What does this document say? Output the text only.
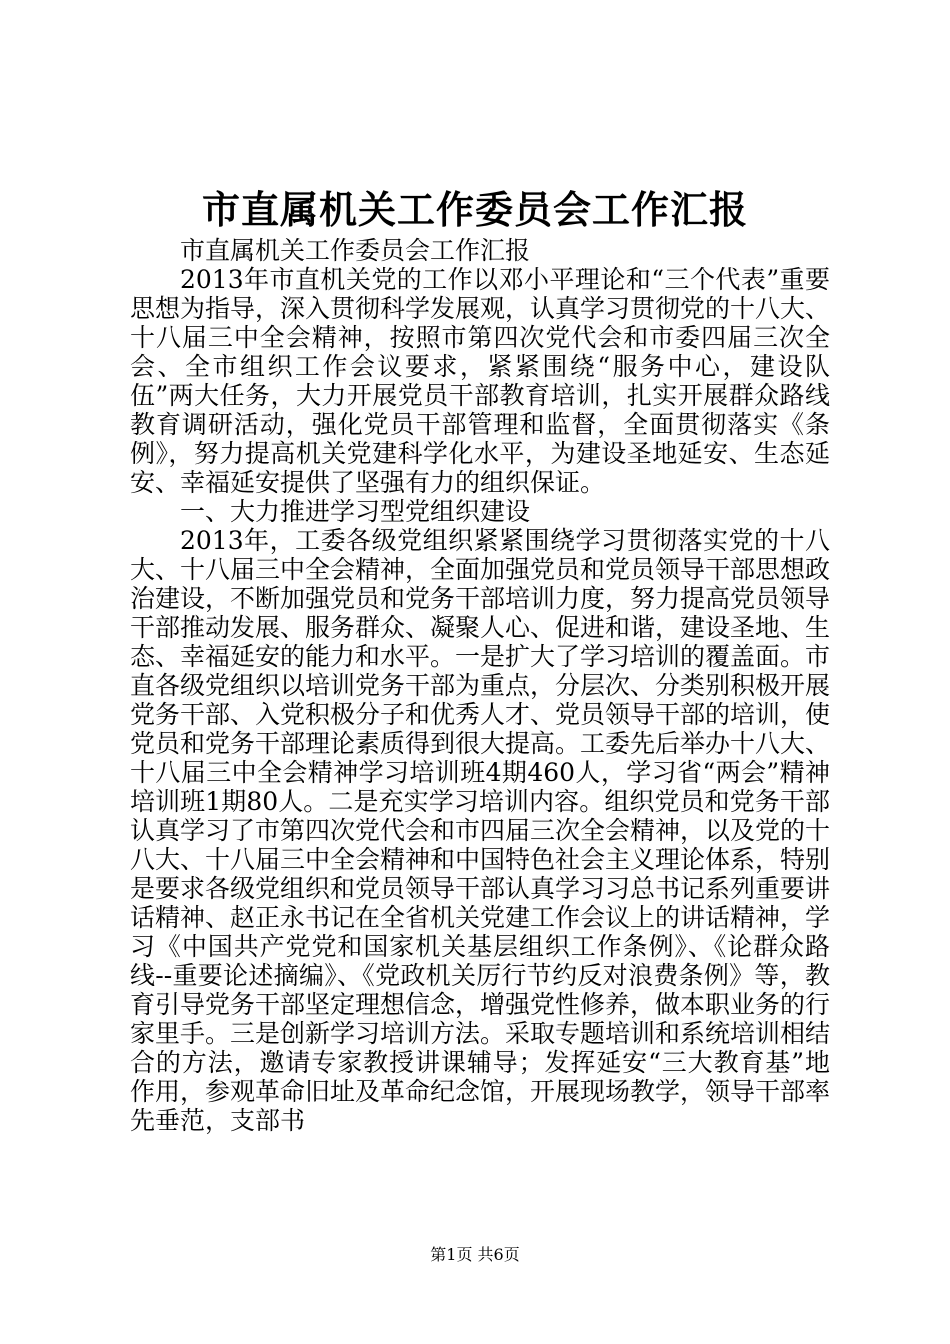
市直属机关工作委员会工作汇报

市直属机关工作委员会工作汇报

2013年市直机关党的工作以邓小平理论和“三个代表”重要思想为指导，深入贯彻科学发展观，认真学习贯彻党的十八大、十八届三中全会精神，按照市第四次党代会和市委四届三次全会、全市组织工作会议要求，紧紧围绕“服务中心，建设队伍”两大任务，大力开展党员干部教育培训，扎实开展群众路线教育调研活动，强化党员干部管理和监督，全面贯彻落实《条例》，努力提高机关党建科学化水平，为建设圣地延安、生态延安、幸福延安提供了坚强有力的组织保证。

一、大力推进学习型党组织建设

2013年，工委各级党组织紧紧围绕学习贯彻落实党的十八大、十八届三中全会精神，全面加强党员和党员领导干部思想政治建设，不断加强党员和党务干部培训力度，努力提高党员领导干部推动发展、服务群众、凝聚人心、促进和谐，建设圣地、生态、幸福延安的能力和水平。一是扩大了学习培训的覆盖面。市直各级党组织以培训党务干部为重点，分层次、分类别积极开展党务干部、入党积极分子和优秀人才、党员领导干部的培训，使党员和党务干部理论素质得到很大提高。工委先后举办十八大、十八届三中全会精神学习培训班4期460人，学习省“两会”精神培训班1期80人。二是充实学习培训内容。组织党员和党务干部认真学习了市第四次党代会和市四届三次全会精神，以及党的十八大、十八届三中全会精神和中国特色社会主义理论体系，特别是要求各级党组织和党员领导干部认真学习习总书记系列重要讲话精神、赵正永书记在全省机关党建工作会议上的讲话精神，学习《中国共产党党和国家机关基层组织工作条例》、《论群众路线--重要论述摘编》、《党政机关厉行节约反对浪费条例》等，教育引导党务干部坚定理想信念，增强党性修养，做本职业务的行家里手。三是创新学习培训方法。采取专题培训和系统培训相结合的方法，邀请专家教授讲课辅导；发挥延安“三大教育基”地作用，参观革命旧址及革命纪念馆，开展现场教学，领导干部率先垂范，支部书

第1页 共6页
